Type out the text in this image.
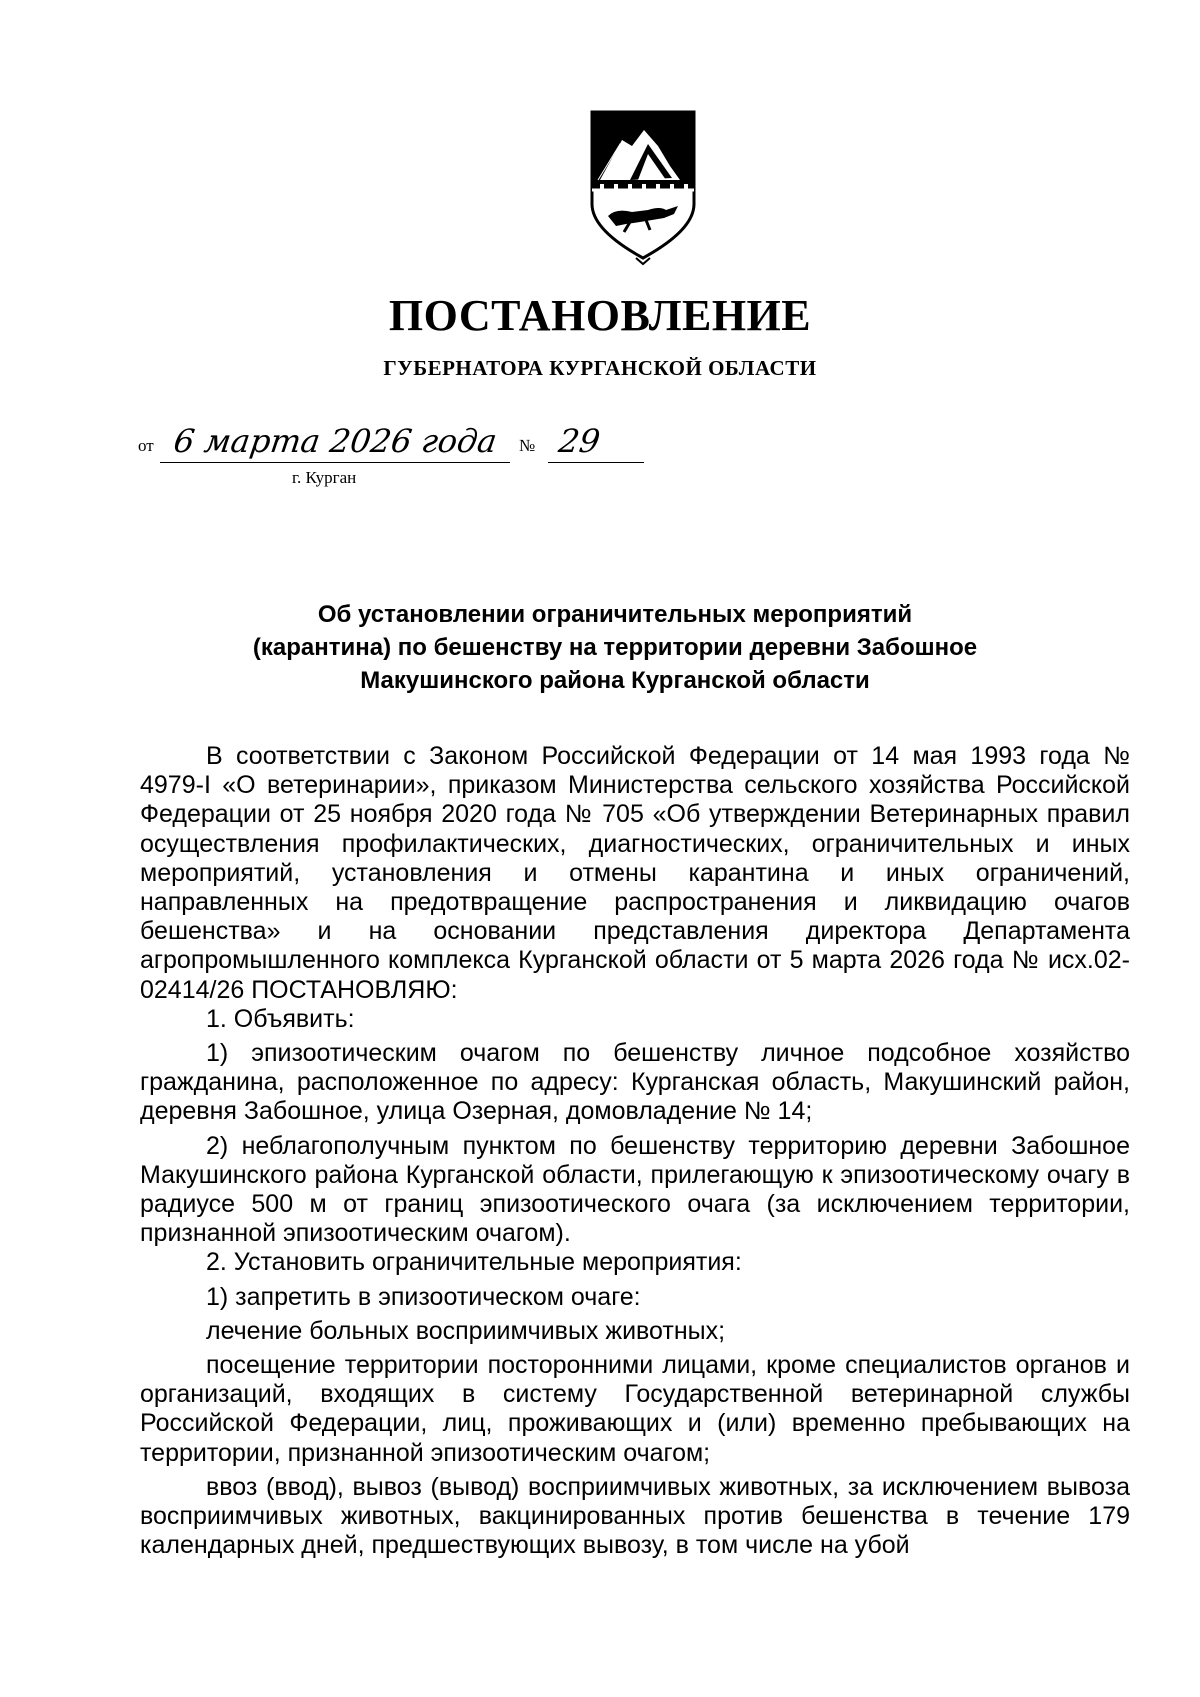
ПОСТАНОВЛЕНИЕ
ГУБЕРНАТОРА КУРГАНСКОЙ ОБЛАСТИ
от 6 марта 2026 года № 29
г. Курган
Об установлении ограничительных мероприятий
(карантина) по бешенству на территории деревни Забошное
Макушинского района Курганской области

В соответствии с Законом Российской Федерации от 14 мая 1993 года № 4979-I «О ветеринарии», приказом Министерства сельского хозяйства Российской Федерации от 25 ноября 2020 года № 705 «Об утверждении Ветеринарных правил осуществления профилактических, диагностических, ограничительных и иных мероприятий, установления и отмены карантина и иных ограничений, направленных на предотвращение распространения и ликвидацию очагов бешенства» и на основании представления директора Департамента агропромышленного комплекса Курганской области от 5 марта 2026 года № исх.02-02414/26 ПОСТАНОВЛЯЮ:

1. Объявить:

1) эпизоотическим очагом по бешенству личное подсобное хозяйство гражданина, расположенное по адресу: Курганская область, Макушинский район, деревня Забошное, улица Озерная, домовладение № 14;

2) неблагополучным пунктом по бешенству территорию деревни Забошное Макушинского района Курганской области, прилегающую к эпизоотическому очагу в радиусе 500 м от границ эпизоотического очага (за исключением территории, признанной эпизоотическим очагом).

2. Установить ограничительные мероприятия:

1) запретить в эпизоотическом очаге:

лечение больных восприимчивых животных;

посещение территории посторонними лицами, кроме специалистов органов и организаций, входящих в систему Государственной ветеринарной службы Российской Федерации, лиц, проживающих и (или) временно пребывающих на территории, признанной эпизоотическим очагом;

ввоз (ввод), вывоз (вывод) восприимчивых животных, за исключением вывоза восприимчивых животных, вакцинированных против бешенства в течение 179 календарных дней, предшествующих вывозу, в том числе на убой
